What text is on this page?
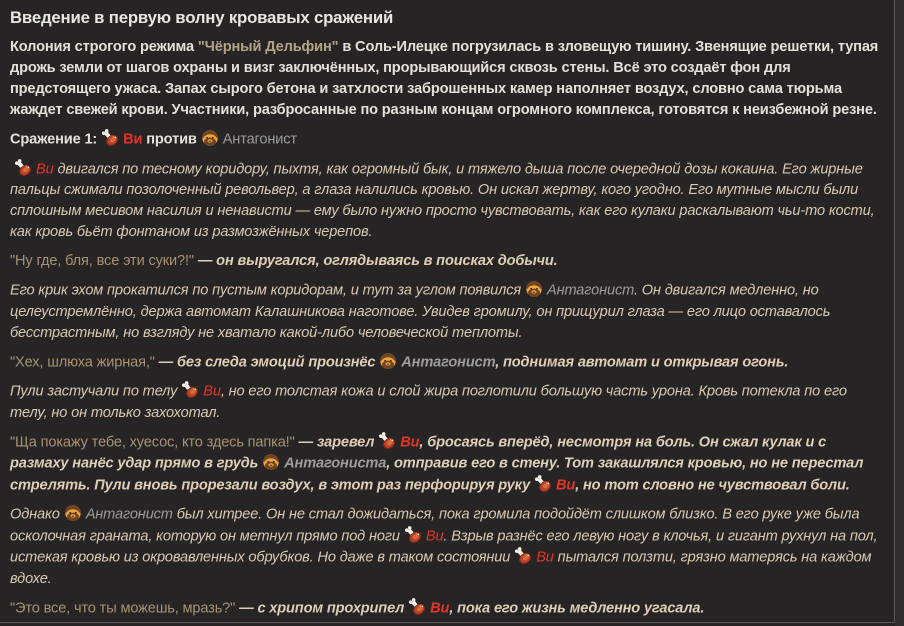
Введение в первую волну кровавых сражений

Колония строгого режима "Чёрный Дельфин" в Соль-Илецке погрузилась в зловещую тишину. Звенящие решетки, тупая дрожь земли от шагов охраны и визг заключённых, прорывающийся сквозь стены. Всё это создаёт фон для предстоящего ужаса. Запах сырого бетона и затхлости заброшенных камер наполняет воздух, словно сама тюрьма жаждет свежей крови. Участники, разбросанные по разным концам огромного комплекса, готовятся к неизбежной резне.

Сражение 1: Ви против Антагонист

Ви двигался по тесному коридору, пыхтя, как огромный бык, и тяжело дыша после очередной дозы кокаина. Его жирные пальцы сжимали позолоченный револьвер, а глаза налились кровью. Он искал жертву, кого угодно. Его мутные мысли были сплошным месивом насилия и ненависти — ему было нужно просто чувствовать, как его кулаки раскалывают чьи-то кости, как кровь бьёт фонтаном из размозжённых черепов.

"Ну где, бля, все эти суки?!" — он выругался, оглядываясь в поисках добычи.

Его крик эхом прокатился по пустым коридорам, и тут за углом появился Антагонист. Он двигался медленно, но целеустремлённо, держа автомат Калашникова наготове. Увидев громилу, он прищурил глаза — его лицо оставалось бесстрастным, но взгляду не хватало какой-либо человеческой теплоты.

"Хех, шлюха жирная," — без следа эмоций произнёс Антагонист, поднимая автомат и открывая огонь.

Пули застучали по телу Ви, но его толстая кожа и слой жира поглотили большую часть урона. Кровь потекла по его телу, но он только захохотал.

"Ща покажу тебе, хуесос, кто здесь папка!" — заревел Ви, бросаясь вперёд, несмотря на боль. Он сжал кулак и с размаху нанёс удар прямо в грудь Антагониста, отправив его в стену. Тот закашлялся кровью, но не перестал стрелять. Пули вновь прорезали воздух, в этот раз перфорируя руку Ви, но тот словно не чувствовал боли.

Однако Антагонист был хитрее. Он не стал дожидаться, пока громила подойдёт слишком близко. В его руке уже была осколочная граната, которую он метнул прямо под ноги Ви. Взрыв разнёс его левую ногу в клочья, и гигант рухнул на пол, истекая кровью из окровавленных обрубков. Но даже в таком состоянии Ви пытался ползти, грязно матерясь на каждом вдохе.

"Это все, что ты можешь, мразь?" — с хрипом прохрипел Ви, пока его жизнь медленно угасала.
